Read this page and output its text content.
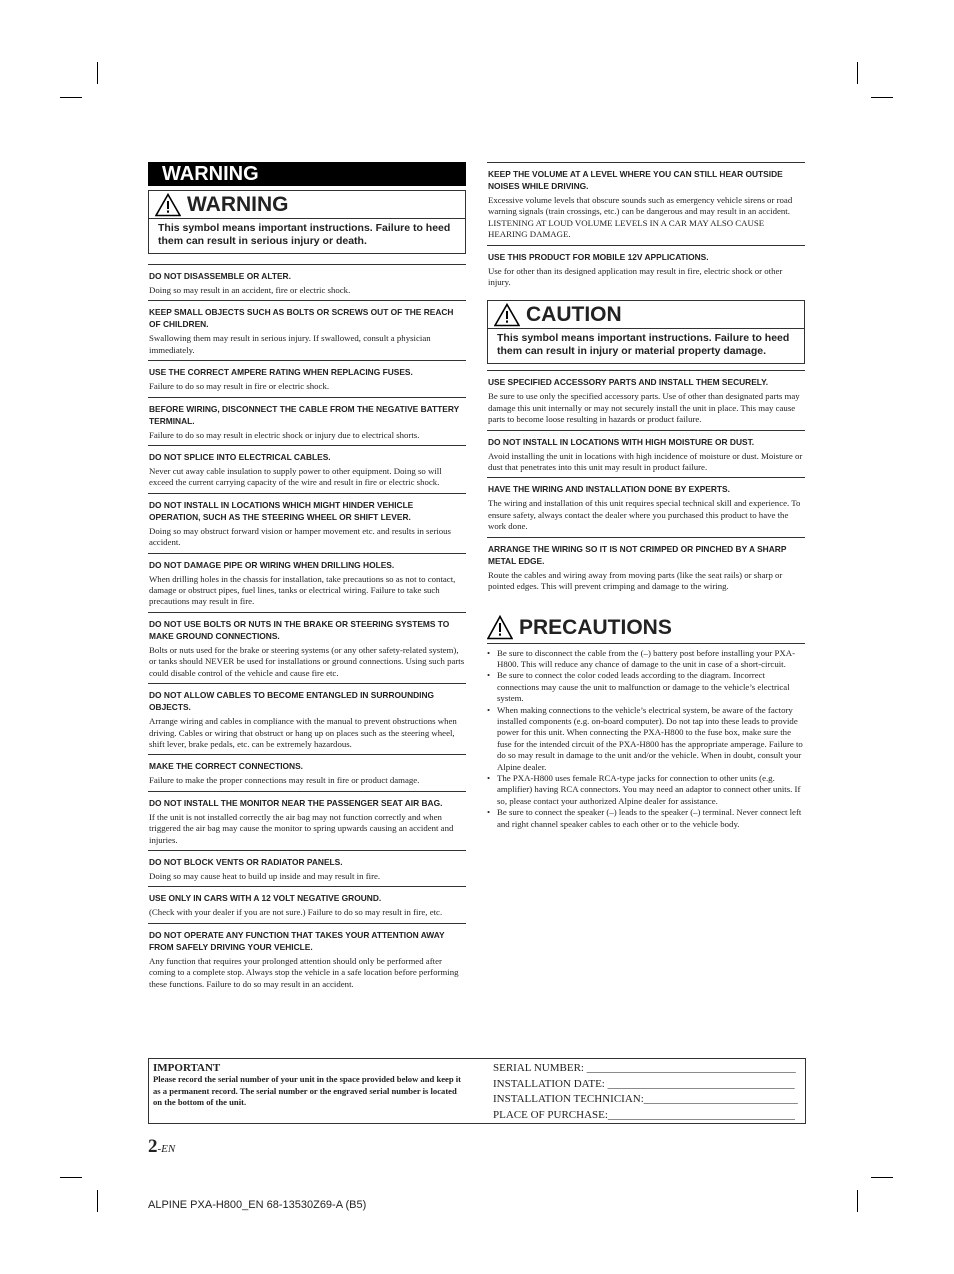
WARNING
WARNING
This symbol means important instructions. Failure to heed them can result in serious injury or death.
DO NOT DISASSEMBLE OR ALTER.

Doing so may result in an accident, fire or electric shock.

KEEP SMALL OBJECTS SUCH AS BOLTS OR SCREWS OUT OF THE REACH OF CHILDREN.

Swallowing them may result in serious injury. If swallowed, consult a physician immediately.

USE THE CORRECT AMPERE RATING WHEN REPLACING FUSES.

Failure to do so may result in fire or electric shock.

BEFORE WIRING, DISCONNECT THE CABLE FROM THE NEGATIVE BATTERY TERMINAL.

Failure to do so may result in electric shock or injury due to electrical shorts.

DO NOT SPLICE INTO ELECTRICAL CABLES.

Never cut away cable insulation to supply power to other equipment. Doing so will exceed the current carrying capacity of the wire and result in fire or electric shock.

DO NOT INSTALL IN LOCATIONS WHICH MIGHT HINDER VEHICLE OPERATION, SUCH AS THE STEERING WHEEL OR SHIFT LEVER.

Doing so may obstruct forward vision or hamper movement etc. and results in serious accident.

DO NOT DAMAGE PIPE OR WIRING WHEN DRILLING HOLES.

When drilling holes in the chassis for installation, take precautions so as not to contact, damage or obstruct pipes, fuel lines, tanks or electrical wiring. Failure to take such precautions may result in fire.

DO NOT USE BOLTS OR NUTS IN THE BRAKE OR STEERING SYSTEMS TO MAKE GROUND CONNECTIONS.

Bolts or nuts used for the brake or steering systems (or any other safety-related system), or tanks should NEVER be used for installations or ground connections. Using such parts could disable control of the vehicle and cause fire etc.

DO NOT ALLOW CABLES TO BECOME ENTANGLED IN SURROUNDING OBJECTS.

Arrange wiring and cables in compliance with the manual to prevent obstructions when driving. Cables or wiring that obstruct or hang up on places such as the steering wheel, shift lever, brake pedals, etc. can be extremely hazardous.

MAKE THE CORRECT CONNECTIONS.

Failure to make the proper connections may result in fire or product damage.

DO NOT INSTALL THE MONITOR NEAR THE PASSENGER SEAT AIR BAG.

If the unit is not installed correctly the air bag may not function correctly and when triggered the air bag may cause the monitor to spring upwards causing an accident and injuries.

DO NOT BLOCK VENTS OR RADIATOR PANELS.

Doing so may cause heat to build up inside and may result in fire.

USE ONLY IN CARS WITH A 12 VOLT NEGATIVE GROUND.

(Check with your dealer if you are not sure.) Failure to do so may result in fire, etc.

DO NOT OPERATE ANY FUNCTION THAT TAKES YOUR ATTENTION AWAY FROM SAFELY DRIVING YOUR VEHICLE.

Any function that requires your prolonged attention should only be performed after coming to a complete stop. Always stop the vehicle in a safe location before performing these functions. Failure to do so may result in an accident.

KEEP THE VOLUME AT A LEVEL WHERE YOU CAN STILL HEAR OUTSIDE NOISES WHILE DRIVING.

Excessive volume levels that obscure sounds such as emergency vehicle sirens or road warning signals (train crossings, etc.) can be dangerous and may result in an accident. LISTENING AT LOUD VOLUME LEVELS IN A CAR MAY ALSO CAUSE HEARING DAMAGE.

USE THIS PRODUCT FOR MOBILE 12V APPLICATIONS.

Use for other than its designed application may result in fire, electric shock or other injury.

CAUTION
This symbol means important instructions. Failure to heed them can result in injury or material property damage.
USE SPECIFIED ACCESSORY PARTS AND INSTALL THEM SECURELY.

Be sure to use only the specified accessory parts. Use of other than designated parts may damage this unit internally or may not securely install the unit in place. This may cause parts to become loose resulting in hazards or product failure.

DO NOT INSTALL IN LOCATIONS WITH HIGH MOISTURE OR DUST.

Avoid installing the unit in locations with high incidence of moisture or dust. Moisture or dust that penetrates into this unit may result in product failure.

HAVE THE WIRING AND INSTALLATION DONE BY EXPERTS.

The wiring and installation of this unit requires special technical skill and experience. To ensure safety, always contact the dealer where you purchased this product to have the work done.

ARRANGE THE WIRING SO IT IS NOT CRIMPED OR PINCHED BY A SHARP METAL EDGE.

Route the cables and wiring away from moving parts (like the seat rails) or sharp or pointed edges. This will prevent crimping and damage to the wiring.

PRECAUTIONS
• Be sure to disconnect the cable from the (–) battery post before installing your PXA-H800. This will reduce any chance of damage to the unit in case of a short-circuit.
• Be sure to connect the color coded leads according to the diagram. Incorrect connections may cause the unit to malfunction or damage to the vehicle’s electrical system.
• When making connections to the vehicle’s electrical system, be aware of the factory installed components (e.g. on-board computer). Do not tap into these leads to provide power for this unit. When connecting the PXA-H800 to the fuse box, make sure the fuse for the intended circuit of the PXA-H800 has the appropriate amperage. Failure to do so may result in damage to the unit and/or the vehicle. When in doubt, consult your Alpine dealer.
• The PXA-H800 uses female RCA-type jacks for connection to other units (e.g. amplifier) having RCA connectors. You may need an adaptor to connect other units. If so, please contact your authorized Alpine dealer for assistance.
• Be sure to connect the speaker (–) leads to the speaker (–) terminal. Never connect left and right channel speaker cables to each other or to the vehicle body.
IMPORTANT
Please record the serial number of your unit in the space provided below and keep it as a permanent record. The serial number or the engraved serial number is located on the bottom of the unit.
SERIAL NUMBER: ______________________________________
INSTALLATION DATE: __________________________________
INSTALLATION TECHNICIAN:____________________________
PLACE OF PURCHASE:__________________________________
2-EN
ALPINE PXA-H800_EN 68-13530Z69-A (B5)
